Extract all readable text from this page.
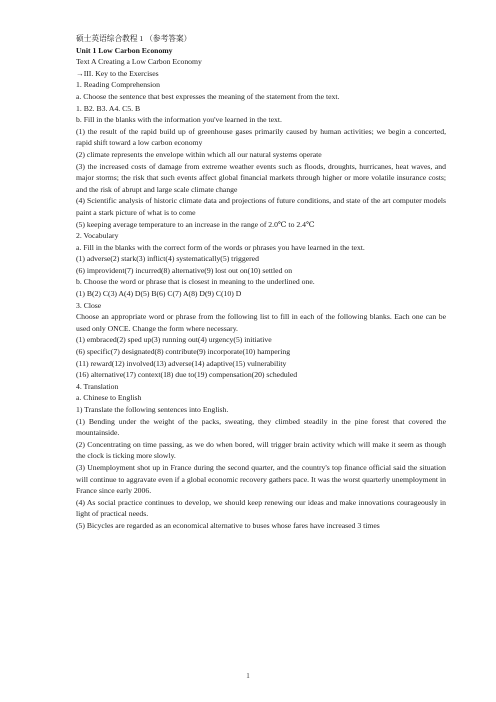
硕士英语综合教程 1 （参考答案）
Unit 1 Low Carbon Economy
Text A Creating a Low Carbon Economy
→III. Key to the Exercises
1. Reading Comprehension
a. Choose the sentence that best expresses the meaning of the statement from the text.
1. B2. B3. A4. C5. B
b. Fill in the blanks with the information you've learned in the text.
(1) the result of the rapid build up of greenhouse gases primarily caused by human activities; we begin a concerted, rapid shift toward a low carbon economy
(2) climate represents the envelope within which all our natural systems operate
(3) the increased costs of damage from extreme weather events such as floods, droughts, hurricanes, heat waves, and major storms; the risk that such events affect global financial markets through higher or more volatile insurance costs; and the risk of abrupt and large scale climate change
(4) Scientific analysis of historic climate data and projections of future conditions, and state of the art computer models paint a stark picture of what is to come
(5) keeping average temperature to an increase in the range of 2.0℃ to 2.4℃
2. Vocabulary
a. Fill in the blanks with the correct form of the words or phrases you have learned in the text.
(1) adverse(2) stark(3) inflict(4) systematically(5) triggered
(6) improvident(7) incurred(8) alternative(9) lost out on(10) settled on
b. Choose the word or phrase that is closest in meaning to the underlined one.
(1) B(2) C(3) A(4) D(5) B(6) C(7) A(8) D(9) C(10) D
3. Close
Choose an appropriate word or phrase from the following list to fill in each of the following blanks. Each one can be used only ONCE. Change the form where necessary.
(1) embraced(2) sped up(3) running out(4) urgency(5) initiative
(6) specific(7) designated(8) contribute(9) incorporate(10) hampering
(11) reward(12) involved(13) adverse(14) adaptive(15) vulnerability
(16) alternative(17) context(18) due to(19) compensation(20) scheduled
4. Translation
a. Chinese to English
1) Translate the following sentences into English.
(1) Bending under the weight of the packs, sweating, they climbed steadily in the pine forest that covered the mountainside.
(2) Concentrating on time passing, as we do when bored, will trigger brain activity which will make it seem as though the clock is ticking more slowly.
(3) Unemployment shot up in France during the second quarter, and the country's top finance official said the situation will continue to aggravate even if a global economic recovery gathers pace. It was the worst quarterly unemployment in France since early 2006.
(4) As social practice continues to develop, we should keep renewing our ideas and make innovations courageously in light of practical needs.
(5) Bicycles are regarded as an economical alternative to buses whose fares have increased 3 times
1
